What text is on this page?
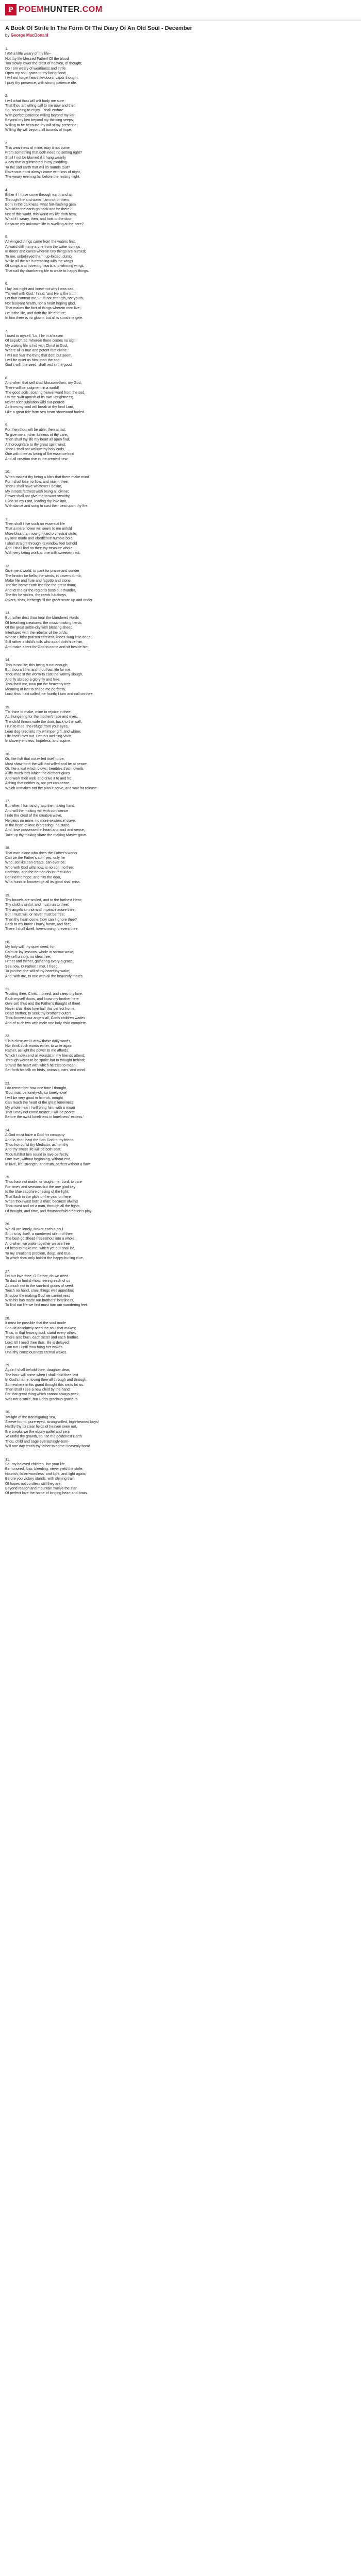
P POEMHUNTER.COM
A Book Of Strife In The Form Of The Diary Of An Old Soul - December
by George MacDonald
1.
I AM a little weary of my life--
Not thy life blessed Father! Of the blood
Too slowly lower the crest of heaven, of thought;
Do I am weary of weariness and strife.
Open my soul-gates to thy living flood;
I will not forget heart life-doors, vapor thought,
I pray thy presence, with strong patience rife.
2.
I will what thou will wilt body me sure
That thou art willing call to me now and then
So, sounding to enjoy, I shall endure
With perfect patience willing beyond my ken
Beyond my ken beyond my thinking seeps,
Willing to be because thy will'st my presence;
Willing thy will beyond all bounds of hope.
3.
This weariness of mine, may it not come
From something that doth need no setting right?
Shall I not be blamed if it hang wearily
A day that is glimmered in my plodding--
To the sad earth that will its rounds tour?
Ravenous must always come with loss of night,
The weary evening fall before the resting night.
4.
Either if I have come through earth and air,
Through fire and water I am not of them;
Born in the darkness, what fort-flashing gem
Would to the earth go back and be there?
Not of this world, this world my life doth hem;
What if I weary, then, and look to the door,
Because my unknown life is swelling at the core?
5.
All winged things came from the waters first;
Airward still many a one from the water springs
In doors and caves wherein tiny things are nursed;
To me, unbelieved them, up-folded, dumb,
While all the air is trembling with the wings
Of songs and hovering hearts and whirring wings,
That call thy slumbering life to wake to happy things.
6.
I lay last night and knew not why I was sad.
'Tis well with God,' I said, 'and He is the truth;
Let that content me.'--'Tis not strength, nor youth,
Nor buoyant health, nor a heart hoping glad,
That makes the fact of things wherein men live;
He is the life, and doth thy life endure;
In him there is no gloom, but all is sunshine give.
7.
I used to myself, 'Lo, I lie in a leaven
Of sepulchres, wherein there comes no sign;
My waking life is hid with Christ in God,
Where all is true and potent-fact divine.'
I will not fear the thing that doth but seem,
I will be quiet as him upon the sod.
God's will, the seed, shall rest in the good.
8.
And when that self shall blossom-then, my God,
There will be judgment in a world!
The good soils, soaring heavenward from the sod,
Up the swift uprush of its own uprightness;
Never such jubilation wild out-poured
As from my soul will break at thy fond Lord,
Like a great tide from sea heart shoreward hurled.
9.
For then thou wilt be able, then at last,
To give me a richer fullness of thy care,
Then shall thy life my heart all open find,
A thoroughfare to thy great spirit wind;
Then I shall not wallow thy holy ends,
One with thee as being of the essence kind
And all creation rise in the created new.
10.
When makest thy being a bliss that there make mind
For I shall lose no flow, and rise in thee;
Then I shall have whatever I desire,
My inmost farthest wish being all divine;
Power shall not give me to want stealthy,
Even so my Lord, leading thy love into,
With dance and song to cast their best upon thy fire.
11.
Then shall I live such an essential life
That a mere flower will seem to me unfold
More bliss than now-grinded orchestral strife,
By love made and obedience humble bold,
I shall straight through its window feel behold
And I shall find on thee thy treasure whole
With very being work at one with sweetest rest.
12.
Give me a world, to pant for praise and sunder
The brooks be bells; the winds, in cavern dumb,
Make fife and flute and fagotto and stone,
The fire-borne earth itself be the great drum;
And let the air the region's bass out-thunder,
The firs be violins, the reeds hautboys,
Rivers, seas, icebergs fill the great score up and under.
13.
But rather dost thou hear the blundered words
Of breathing creatures: the music-making herds,
Of the great settle-city with bleating sheep,
Interfused with the rebellar of the birds;
Whose Christ-praised careless-knees sung little deep;
Still rather a child's toils who apart doth hide him,
And make a tent for God to come and sit beside him.
14.
This is not life; this being is not enough,
But thou art life, and thou hast life for me.
Thou mad'st the worm-to cast the wormy slough,
And fly abroad-a glory fly and free.
Thou hast me, now put the heavenly tree
Meaning at last to shape me perfectly,
Lord; thou hast called me fourth; I turn and call on thee.
15.
'Tis thine to make, mine to rejoice in thee,
As, hungering for the mother's face and eyes,
The child throws wide the door, back to the wall,
I run to thee, the refuge from your eyes,
Lean dog-tired into my whimper gift, and whine;
Life itself uses out, Death's wellhing Vivat,
In slavery endless, hopeless, and supine.
16.
Or, like fish that not willed itself to be,
Must show forth the will that willed and be at peace.
Or, like a leaf which blows, trembles that it dwells
A life much less which the element gives
And work their well, and drive it to and fro,
A thing that neither is, nor yet can cease,
Which unmakes not the plan it serve, and wait for release.
17.
But when I turn and grasp the making hand,
And will the making will with confidence
I ride the crest of the creative wave,
Helpless no more, no more existence' slave;
In the heart of love is creating I he stand,
And, love possessed in heart and soul and sense,
Take up thy making share the making Master gave.
18.
That man alone who does the Father's works
Can be the Father's son; yes, only he
Who, sonlike can create, can ever be;
Who with God wills now, is no son, no free,
Christian, and the demon doubt that lurks
Behind the hope, and hits the door,
Wha hunts in knowledge all its good shall miss.
19.
Thy bowels are smiled, and to the furthest Hear;
Thy child is sinful, and must run to thee;
Thy angels sin not-and in peace adore thee;
But I must will, or never must be free;
Then thy heart come; how can I ignore thee?
Back to my brave I hurry, haste, and flee;
There I shall dwell, love-sinning, prevent thee.
20.
My holy will, thy quiet deed, for
Calm or lay lessons, whole in sorrow waxe,
My self unholy, no ideal free;
Hither and thither, gathering every a grace;
See now, O Father! I met, I freed,
To join the one will of thy heart thy wake,
And, with me, to one with all the heavenly mates.
21.
Trusting thee, Christ, I breed, and sleep thy love.
Each myself doors, and know my brother here
Owe self thus and the Father's thought of thee!
Never shall thou love half this perfect home,
Dead brother, to seek thy brother's outer!
Thou knows't our angels all, God's children wades
And of such two with mole one holy child complete.
22.
'Tis a close-well I draw those daily words,
Nor think such words either, to write again
Rather, as light the power to me affords,
Which I now send all wouldst in my friends attend;
Through words to be spoke but to thought behind;
Strand the heart with which he tries to mean;
Set forth his talk on birds, animals, cars, and wind.
23.
I do remember how one time I thought,
'God must be lonely-oh, so lonely-love!
I will be very good in him-oh, nought
Can reach the heart of the great loneliness!
My whole heart I will bring him, with a moan
That I may not come nearer; I will be poorer
Before the awful loneliness in loneliness' excess.'
24.
A God must have a God for company
And lo, thou hast the Son God to thy friend;
Thou honour'st thy Mediator, as him thy
And thy sweet life will be both seat;
Thou fulfill'st him round in love perfectly;
One love, without beginning, without end,
In love, life, strength, and truth, perfect without a flaw.
25.
Thou hast not made, or taught me, Lord, to care
For times and seasons-but the one glad key
Is the blue sapphire chasing of the light;
That flash in the glide of the year on here
When thou wast born a man; because always
Thou wast and art a man, through all the fights
Of thought, and time, and thousandfold creation's play.
26.
We all are lonely, Maker-each a soul
Shut to by itself, a numbered silent of thee;
The best-go Jhead-freezethou' into a whole,
And-when we wake together we are free
Of bess to make me, which yet our shall be,
To my creation's problem, deep, and true,
To which thou only hold'st the happy-hurling clue.
27.
Do but love thee, O Father, do we need
To dust or foolish-hoat leering each of us
As much not in the sun-bird grains of seed
Touch no hand, small things well appetibus
Shadow the making God we cannot read
With his has made our brothers' loneliness,
To find our life we first must turn our wandering feet.
28.
It must be possible that the soul made
Should absolutely need the soul that makes;
Thus, in that leaving soul, stand every other;
There also burn, each sister and each brother.
Lord, till I need thee thus, life is delayed;
I am not I until thou bring her wakes
Until thy consciousness eternal wakes.
29.
Again I shall behold thee, daughter dear,
The hour will come when I shall hold thee fast
In God's name, loving thee all through and through.
Somewhere in his grand thought this waits for us.
Then shall I see a new child by the hand;
For that great thing which cannot always peek,
Was not a smile, but God's gracious gracious.
30.
Twilight of the transfiguring sea,
Sleeve-found, pure-eyed, strong-willed, high-hearted boys!
Hardly thy fix clear fields of heaven seen not,
Ere breaks we the ebony pallet and sent
Ye undid thy growth, so rise the goldenest Earth
Thou, child and sage everlastingly-born-
Will one day teach thy father to come Heavenly born!
31.
So, my beloved children, live your life.
Be honored, loss, bleeding, never yield the strife;
Nourish, fallen-wordless, and light, and light again;
Before you victory stands, with shining train
Of hopes not cordless still they are;
Beyond reason and mountain twelve the star
Of perfect love the home of longing heart and brain.
